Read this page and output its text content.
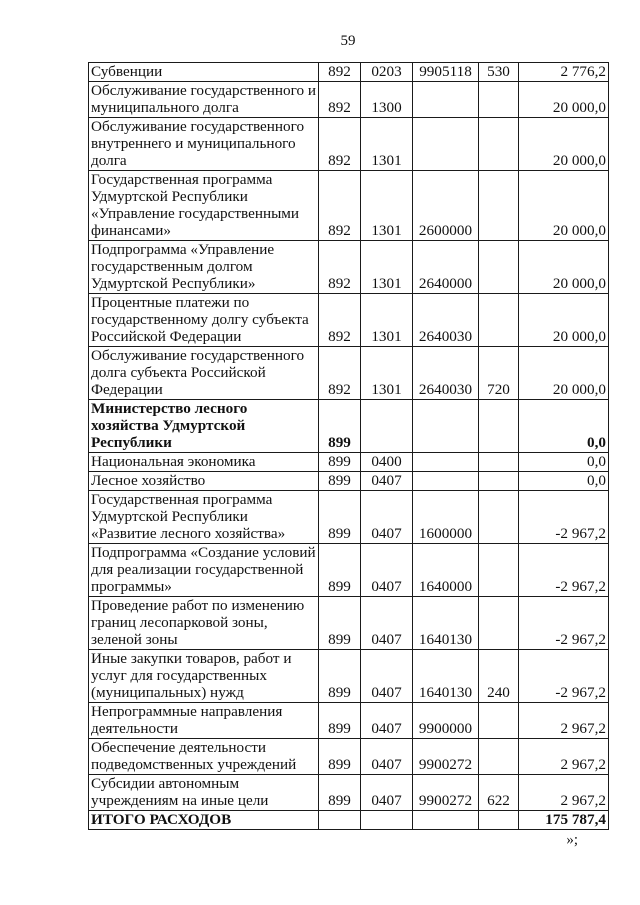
59
Субвенции	892	0203	9905118	530	2 776,2
Обслуживание государственного и муниципального долга	892	1300			20 000,0
Обслуживание государственного внутреннего и муниципального долга	892	1301			20 000,0
Государственная программа Удмуртской Республики «Управление государственными финансами»	892	1301	2600000		20 000,0
Подпрограмма «Управление государственным долгом Удмуртской Республики»	892	1301	2640000		20 000,0
Процентные платежи по государственному долгу субъекта Российской Федерации	892	1301	2640030		20 000,0
Обслуживание государственного долга субъекта Российской Федерации	892	1301	2640030	720	20 000,0
Министерство лесного хозяйства Удмуртской Республики	899				0,0
Национальная экономика	899	0400			0,0
Лесное хозяйство	899	0407			0,0
Государственная программа Удмуртской Республики «Развитие лесного хозяйства»	899	0407	1600000		-2 967,2
Подпрограмма «Создание условий для реализации государственной программы»	899	0407	1640000		-2 967,2
Проведение работ по изменению границ лесопарковой зоны, зеленой зоны	899	0407	1640130		-2 967,2
Иные закупки товаров, работ и услуг для государственных (муниципальных) нужд	899	0407	1640130	240	-2 967,2
Непрограммные направления деятельности	899	0407	9900000		2 967,2
Обеспечение деятельности подведомственных учреждений	899	0407	9900272		2 967,2
Субсидии автономным учреждениям на иные цели	899	0407	9900272	622	2 967,2
ИТОГО РАСХОДОВ					175 787,4
»;
